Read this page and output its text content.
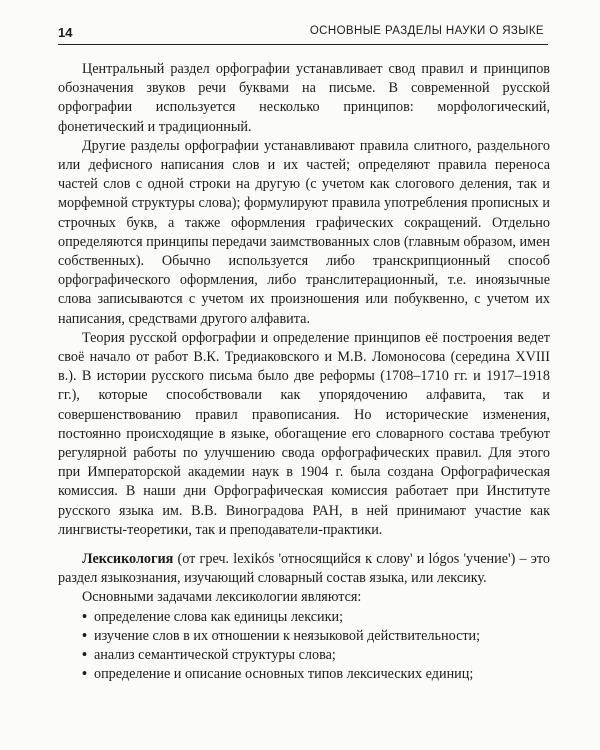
14	ОСНОВНЫЕ РАЗДЕЛЫ НАУКИ О ЯЗЫКЕ

Центральный раздел орфографии устанавливает свод правил и принципов обозначения звуков речи буквами на письме. В современной русской орфографии используется несколько принципов: морфологический, фонетический и традиционный.

Другие разделы орфографии устанавливают правила слитного, раздельного или дефисного написания слов и их частей; определяют правила переноса частей слов с одной строки на другую (с учетом как слогового деления, так и морфемной структуры слова); формулируют правила употребления прописных и строчных букв, а также оформления графических сокращений. Отдельно определяются принципы передачи заимствованных слов (главным образом, имен собственных). Обычно используется либо транскрипционный способ орфографического оформления, либо транслитерационный, т.е. иноязычные слова записываются с учетом их произношения или побуквенно, с учетом их написания, средствами другого алфавита.

Теория русской орфографии и определение принципов её построения ведет своё начало от работ В.К. Тредиаковского и М.В. Ломоносова (середина XVIII в.). В истории русского письма было две реформы (1708–1710 гг. и 1917–1918 гг.), которые способствовали как упорядочению алфавита, так и совершенствованию правил правописания. Но исторические изменения, постоянно происходящие в языке, обогащение его словарного состава требуют регулярной работы по улучшению свода орфографических правил. Для этого при Императорской академии наук в 1904 г. была создана Орфографическая комиссия. В наши дни Орфографическая комиссия работает при Институте русского языка им. В.В. Виноградова РАН, в ней принимают участие как лингвисты-теоретики, так и преподаватели-практики.

Лексикология (от греч. lexikós 'относящийся к слову' и lógos 'учение') – это раздел языкознания, изучающий словарный состав языка, или лексику.

Основными задачами лексикологии являются:

• определение слова как единицы лексики;
• изучение слов в их отношении к неязыковой действительности;
• анализ семантической структуры слова;
• определение и описание основных типов лексических единиц;
